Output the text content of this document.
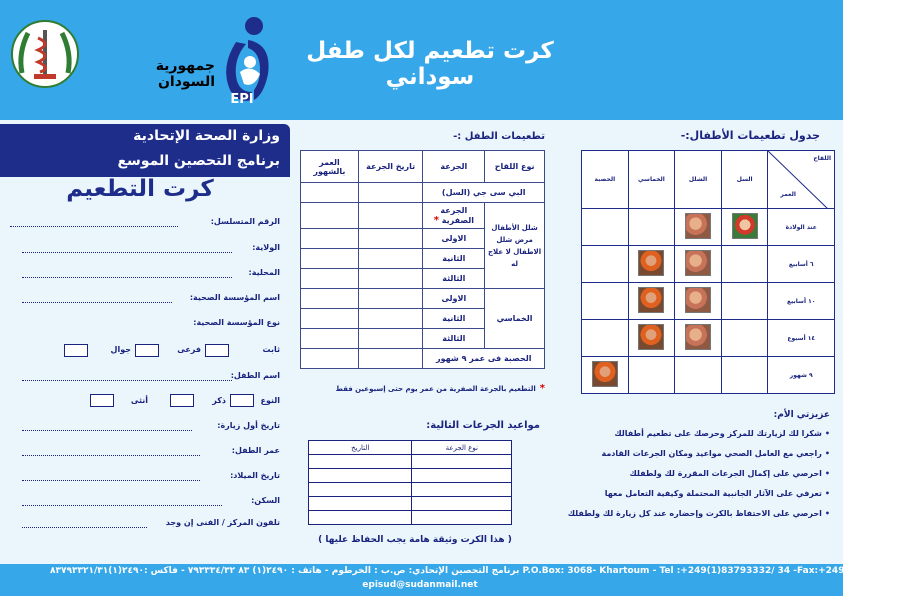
جمهورية السودان
EPI
كرت تطعيم لكل طفل سوداني
وزارة الصحة الإتحادية
برنامج التحصين الموسع
كرت التطعيم
الرقم المتسلسل:
الولاية:
المحلية:
اسم المؤسسة الصحية:
نوع المؤسسة الصحية:
ثابت
فرعى
جوال
اسم الطفل:
النوع
ذكر
أنثى
تاريخ أول زيارة:
عمر الطفل:
تاريخ الميلاد:
السكن:
تلفون المركز / الفنى إن وجد
تطعيمات الطفل :-
نوع اللقاح	الجرعة	تاريخ الجرعة	العمر بالشهور
البي سى جي (السل)			
شلل الأطفال مرض شلل الاطفال لا علاج له	الجرعة الصفرية *		
	الاولى		
	الثانية		
	الثالثة		
الخماسي	الاولى		
	الثانية		
	الثالثة		
الحصبة فى عمر ٩ شهور			
*التطعيم بالجرعة الصفرية من عمر يوم حتى إسبوعين فقط
مواعيد الجرعات التالية:
نوع الجرعة	التاريخ

( هذا الكرت وثيقة هامة يجب الحفاظ عليها )
جدول تطعيمات الأطفال:-
اللقاح
العمر	السل	الشلل	الخماسي	الحصبة
عند الولادة				
٦ أسابيع				
١٠ أسابيع				
١٤ أسبوع				
٩ شهور				
عزيزتي الأم:
•شكرا لك لزيارتك للمركز وحرصك على تطعيم أطفالك
•راجعي مع العامل الصحي مواعيد ومكان الجرعات القادمة
•احرصي على إكمال الجرعات المقررة لك ولطفلك
•تعرفي على الآثار الجانبية المحتملة وكيفية التعامل معها
•احرصي على الاحتفاظ بالكرت وإحضاره عند كل زيارة لك ولطفلك
برنامج التحصين الإتحادي: ص.ب : الخرطوم - هاتف : ٢٤٩٠(١) ٨٣ ٧٩٣٣٣٤/٣٢ - فاكس :٢٤٩٠(١)٨٣٧٩٣٣٢١/٣١ P.O.Box: 3068- Khartoum - Tel :+249(1)83793332/ 34 -Fax:+249(1)83793321
episud@sudanmail.net
